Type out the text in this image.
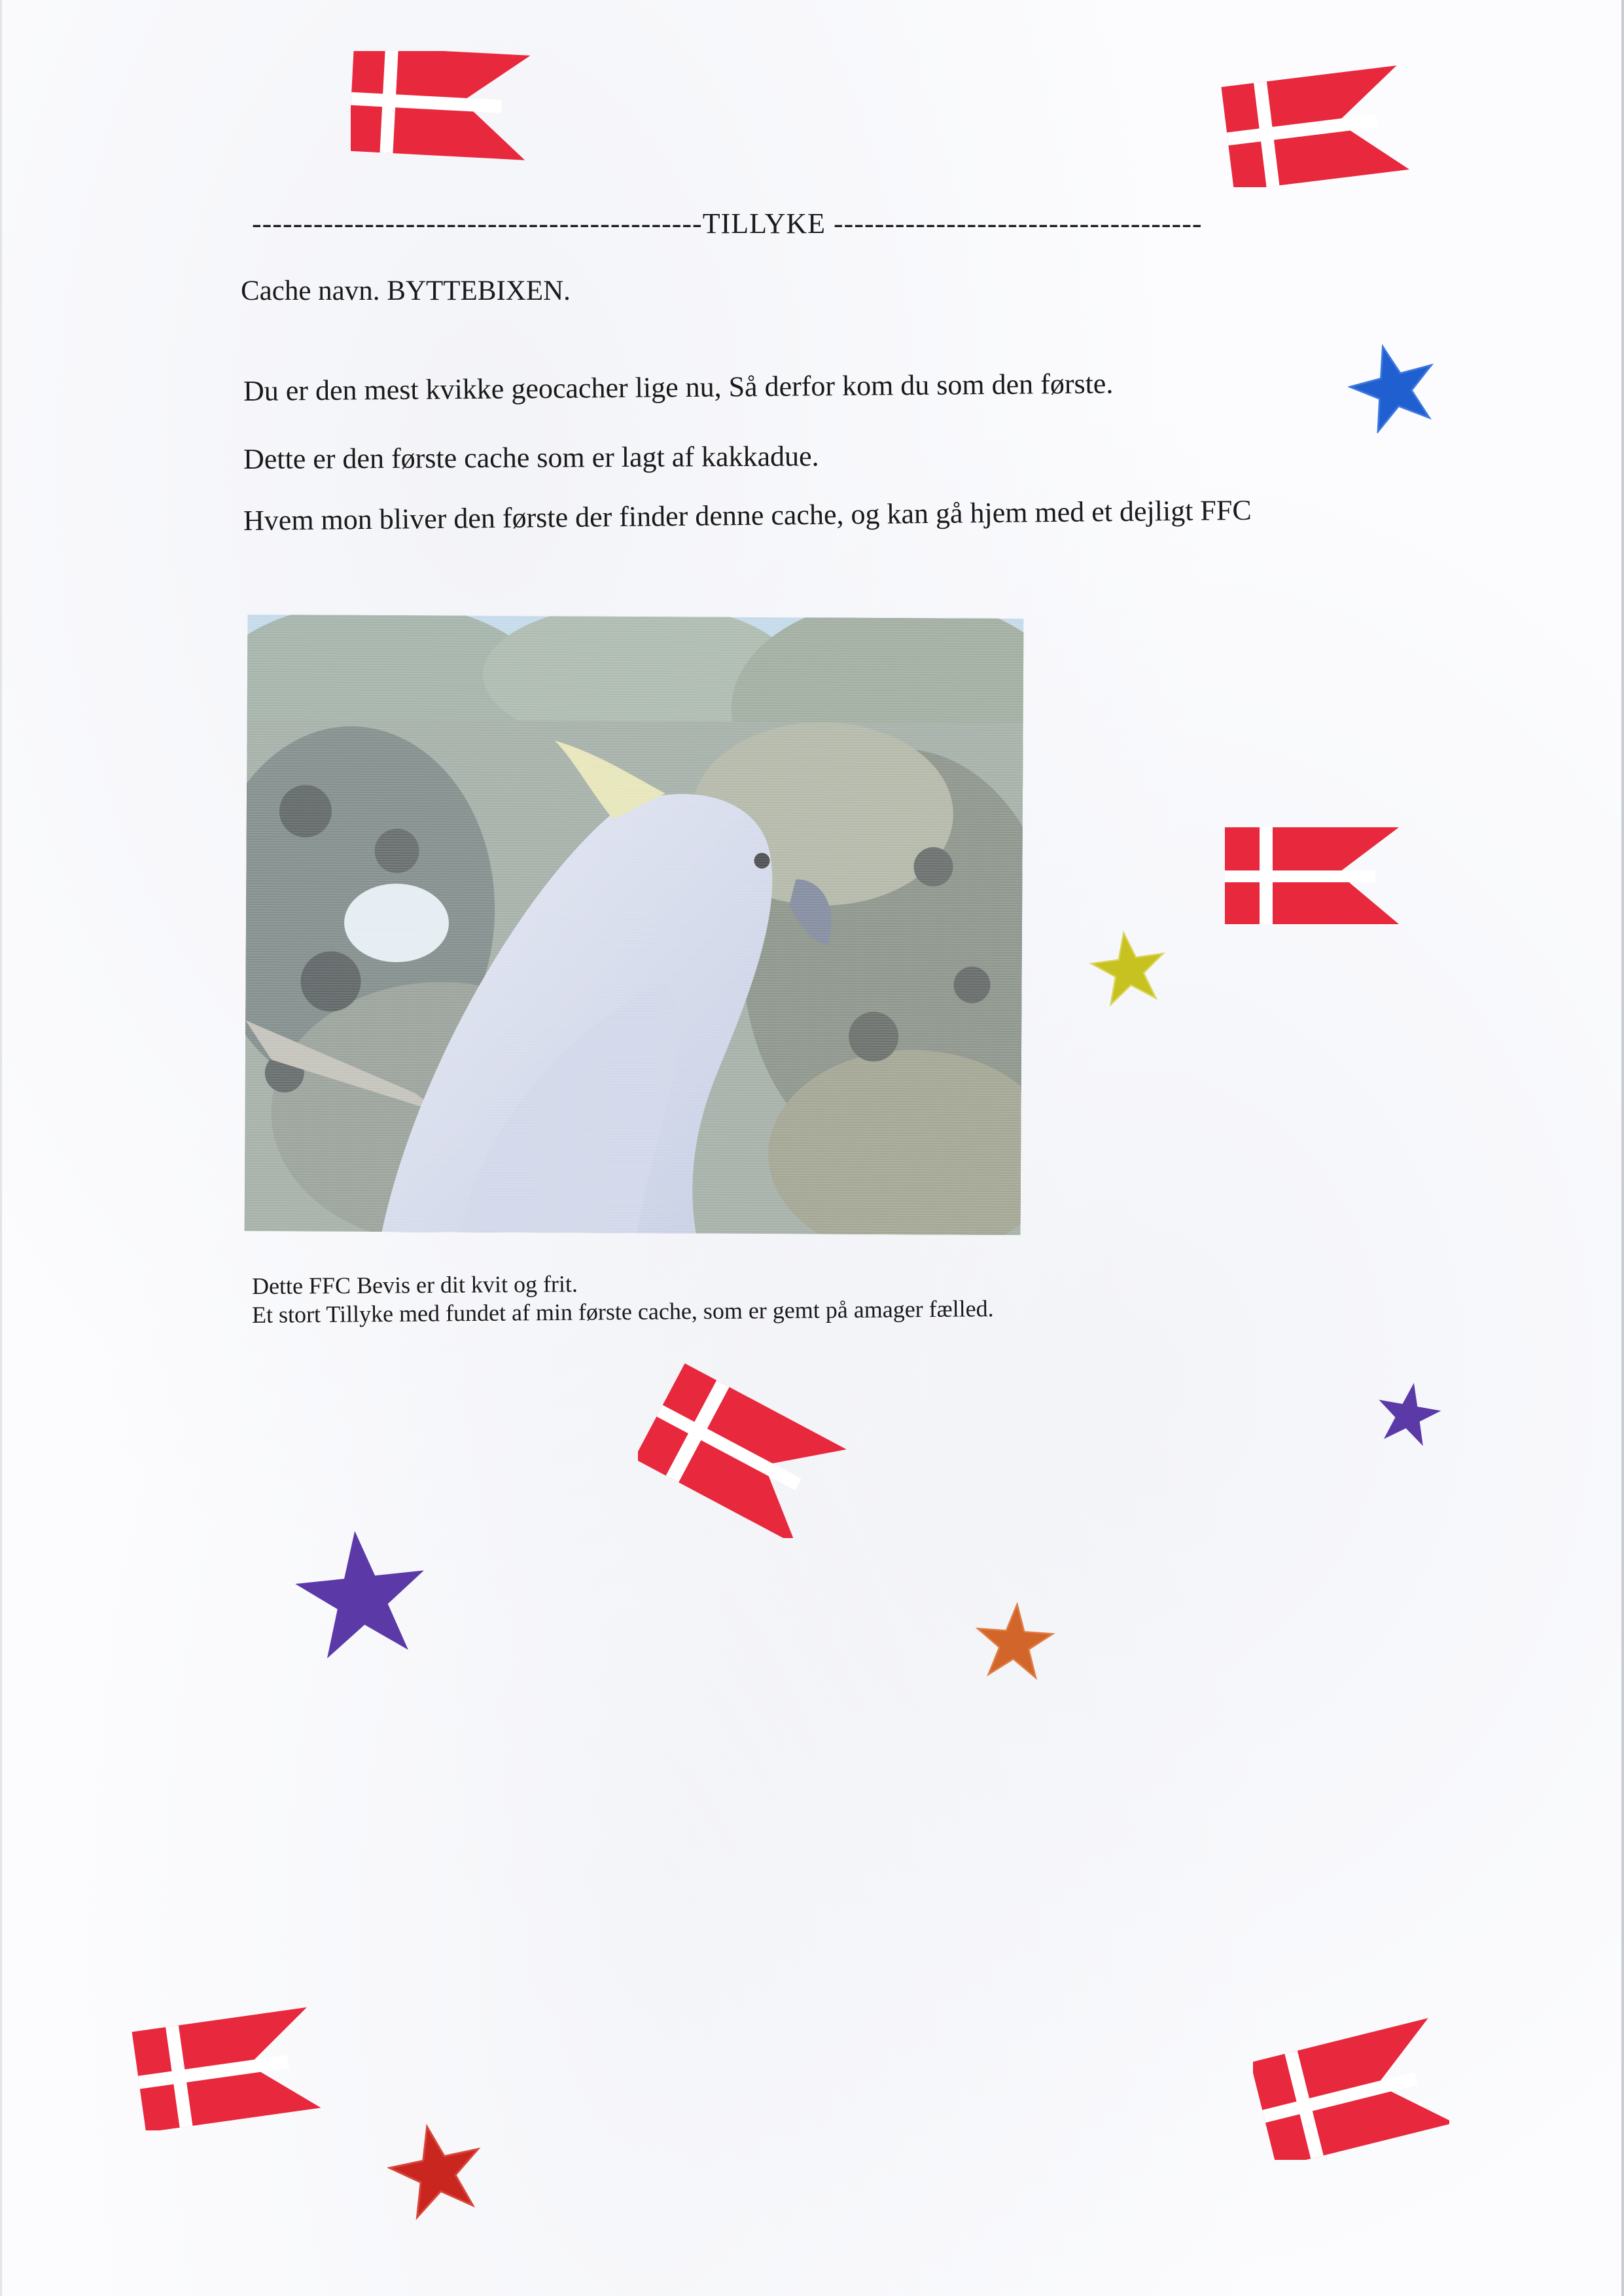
--------------------------------------------TILLYKE ------------------------------------
Cache navn. BYTTEBIXEN.
Du er den mest kvikke geocacher lige nu, Så derfor kom du som den første.
Dette er den første cache som er lagt af kakkadue.
Hvem mon bliver den første der finder denne cache, og kan gå hjem med et dejligt FFC
Dette FFC Bevis er dit kvit og frit.
Et stort Tillyke med fundet af min første cache, som er gemt på amager fælled.
